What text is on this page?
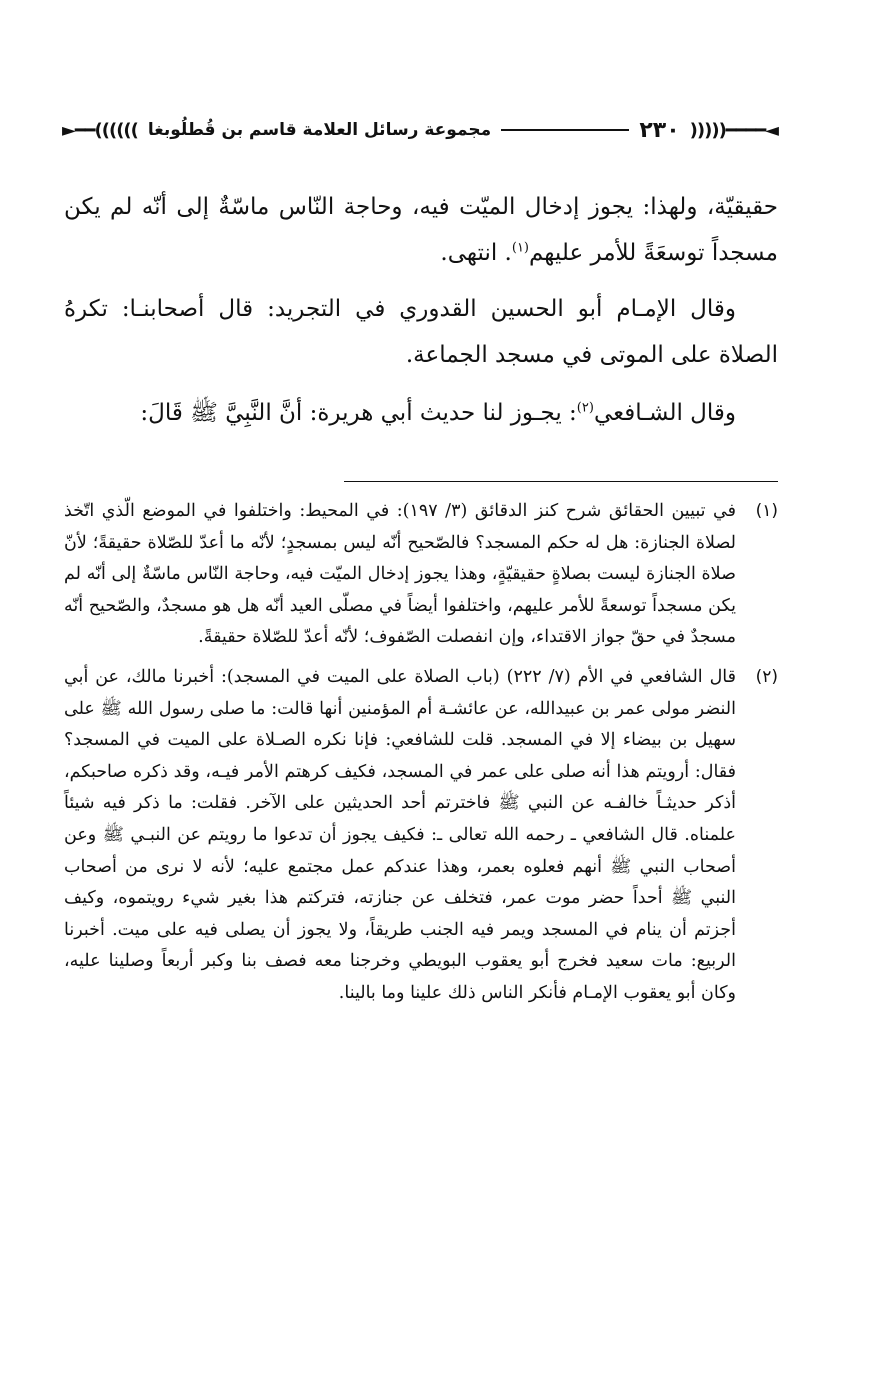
◄━━━━(((((
٢٣٠
مجموعة رسائل العلامة قاسم بن قُطلُوبغا
))))))━━►

حقيقيّة، ولهذا: يجوز إدخال الميّت فيه، وحاجة النّاس ماسّةٌ إلى أنّه لم يكن مسجداً توسعَةً للأمر عليهم$^{(١)}$. انتهى.

وقال الإمـام أبو الحسين القدوري في التجريد: قال أصحابنـا: تكرهُ الصلاة على الموتى في مسجد الجماعة.

وقال الشـافعي$^{(٢)}$: يجـوز لنا حديث أبي هريرة: أنَّ النَّبِيَّ ﷺ قَالَ:

(١)
في تبيين الحقائق شرح كنز الدقائق (٣/ ١٩٧): في المحيط: واختلفوا في الموضع الّذي اتّخذ لصلاة الجنازة: هل له حكم المسجد؟ فالصّحيح أنّه ليس بمسجدٍ؛ لأنّه ما أعدّ للصّلاة حقيقةً؛ لأنّ صلاة الجنازة ليست بصلاةٍ حقيقيّةٍ، وهذا يجوز إدخال الميّت فيه، وحاجة النّاس ماسّةٌ إلى أنّه لم يكن مسجداً توسعةً للأمر عليهم، واختلفوا أيضاً في مصلّى العيد أنّه هل هو مسجدٌ، والصّحيح أنّه مسجدٌ في حقّ جواز الاقتداء، وإن انفصلت الصّفوف؛ لأنّه أعدّ للصّلاة حقيقةً.
(٢)
قال الشافعي في الأم (٧/ ٢٢٢) (باب الصلاة على الميت في المسجد): أخبرنا مالك، عن أبي النضر مولى عمر بن عبيدالله، عن عائشـة أم المؤمنين أنها قالت: ما صلى رسول الله ﷺ على سهيل بن بيضاء إلا في المسجد. قلت للشافعي: فإنا نكره الصـلاة على الميت في المسجد؟ فقال: أرويتم هذا أنه صلى على عمر في المسجد، فكيف كرهتم الأمر فيـه، وقد ذكره صاحبكم، أذكر حديثـاً خالفـه عن النبي ﷺ فاخترتم أحد الحديثين على الآخر. فقلت: ما ذكر فيه شيئاً علمناه. قال الشافعي ـ رحمه الله تعالى ـ: فكيف يجوز أن تدعوا ما رويتم عن النبـي ﷺ وعن أصحاب النبي ﷺ أنهم فعلوه بعمر، وهذا عندكم عمل مجتمع عليه؛ لأنه لا نرى من أصحاب النبي ﷺ أحداً حضر موت عمر، فتخلف عن جنازته، فتركتم هذا بغير شيء رويتموه، وكيف أجزتم أن ينام في المسجد ويمر فيه الجنب طريقاً، ولا يجوز أن يصلى فيه على ميت. أخبرنا الربيع: مات سعيد فخرج أبو يعقوب البويطي وخرجنا معه فصف بنا وكبر أربعاً وصلينا عليه، وكان أبو يعقوب الإمـام فأنكر الناس ذلك علينا وما بالينا.
